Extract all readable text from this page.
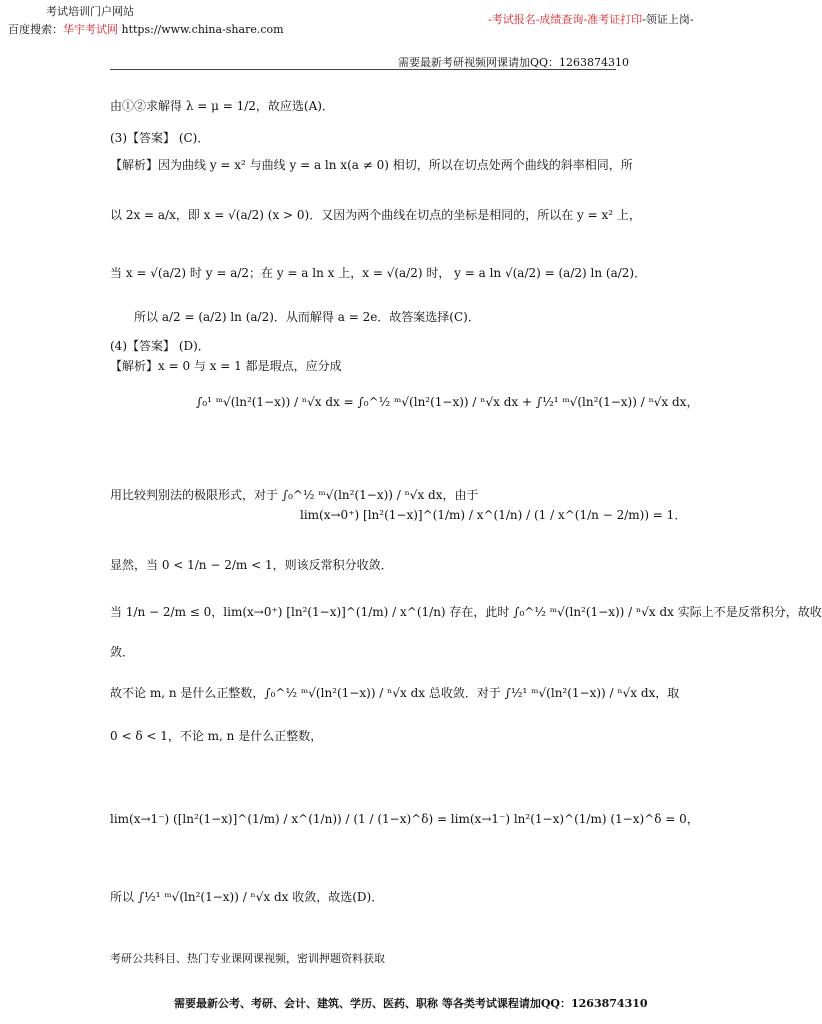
考试培训门户网站
百度搜索：华宇考试网 https://www.china-share.com
-考试报名-成绩查询-准考证打印-领证上岗-
需要最新考研视频网课请加QQ：1263874310
由①②求解得 λ = μ = 1/2，故应选(A)．
(3)【答案】 (C)．
【解析】因为曲线 y = x² 与曲线 y = a ln x(a ≠ 0) 相切，所以在切点处两个曲线的斜率相同，所
以 2x = a/x，即 x = √(a/2) (x > 0)．又因为两个曲线在切点的坐标是相同的，所以在 y = x² 上，
当 x = √(a/2) 时 y = a/2；在 y = a ln x 上，x = √(a/2) 时， y = a ln √(a/2) = (a/2) ln (a/2)．
所以 a/2 = (a/2) ln (a/2)．从而解得 a = 2e．故答案选择(C)．
(4)【答案】 (D)．
【解析】x = 0 与 x = 1 都是瑕点，应分成
∫₀¹ ᵐ√(ln²(1−x)) / ⁿ√x dx = ∫₀^½ ᵐ√(ln²(1−x)) / ⁿ√x dx + ∫½¹ ᵐ√(ln²(1−x)) / ⁿ√x dx，
用比较判别法的极限形式，对于 ∫₀^½ ᵐ√(ln²(1−x)) / ⁿ√x dx，由于
lim(x→0⁺) [ln²(1−x)]^(1/m) / x^(1/n) / (1 / x^(1/n − 2/m)) = 1．
显然，当 0 < 1/n − 2/m < 1，则该反常积分收敛．
当 1/n − 2/m ≤ 0，lim(x→0⁺) [ln²(1−x)]^(1/m) / x^(1/n) 存在，此时 ∫₀^½ ᵐ√(ln²(1−x)) / ⁿ√x dx 实际上不是反常积分，故收
敛．
故不论 m, n 是什么正整数，∫₀^½ ᵐ√(ln²(1−x)) / ⁿ√x dx 总收敛．对于 ∫½¹ ᵐ√(ln²(1−x)) / ⁿ√x dx，取
0 < δ < 1，不论 m, n 是什么正整数，
lim(x→1⁻) ([ln²(1−x)]^(1/m) / x^(1/n)) / (1 / (1−x)^δ) = lim(x→1⁻) ln²(1−x)^(1/m) (1−x)^δ = 0，
所以 ∫½¹ ᵐ√(ln²(1−x)) / ⁿ√x dx 收敛，故选(D)．
考研公共科目、热门专业课网课视频，密训押题资料获取
需要最新公考、考研、会计、建筑、学历、医药、职称 等各类考试课程请加QQ：1263874310
